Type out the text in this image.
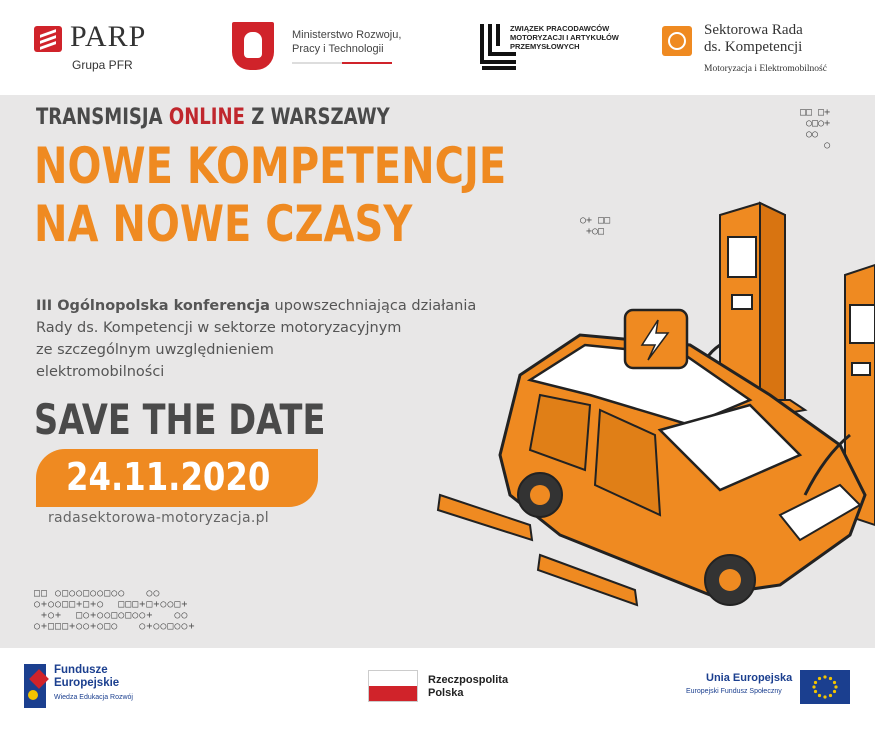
PARP
Grupa PFR
Ministerstwo Rozwoju,
Pracy i Technologii
ZWIĄZEK PRACODAWCÓW
MOTORYZACJI I ARTYKUŁÓW
PRZEMYSŁOWYCH
Sektorowa Rada
ds. Kompetencji
Motoryzacja i Elektromobilność
TRANSMISJA ONLINE Z WARSZAWY
NOWE KOMPETENCJE
NA NOWE CZASY
III Ogólnopolska konferencja upowszechniająca działania
Rady ds. Kompetencji w sektorze motoryzacyjnym
ze szczególnym uwzględnieniem
elektromobilności
SAVE THE DATE
24.11.2020
radasektorowa-motoryzacja.pl
□□ ○□○○□○○□○○   ○○
○+○○□□+□+○  □□□+□+○○□+
+○+  □○+○○□○□○○+   ○○
○+□□□+○○+○□○   ○+○○□○○+
□□ □+
○□○+
○○
○
○+ □□
+○□
Fundusze
Europejskie
Wiedza Edukacja Rozwój
Rzeczpospolita
Polska
Unia Europejska
Europejski Fundusz Społeczny
